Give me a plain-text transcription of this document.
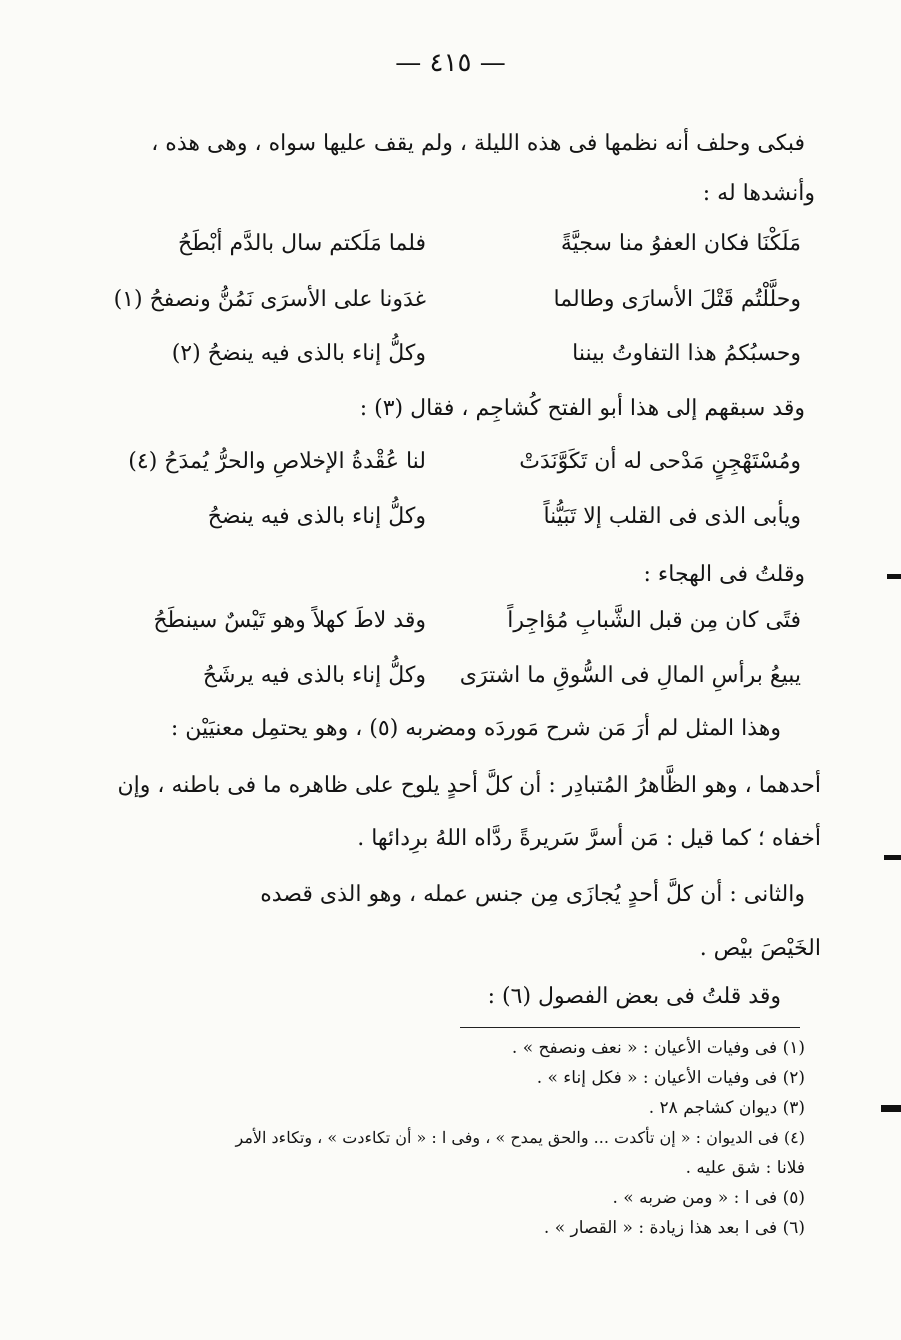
— ٤١٥ —
فبكى وحلف أنه نظمها فى هذه الليلة ، ولم يقف عليها سواه ، وهى هذه ،
وأنشدها له :
مَلَكْنَا فكان العفوُ منا سجيَّةً
فلما مَلَكتم سال بالدَّم أبْطَحُ
وحلَّلْتُم قَتْلَ الأسارَى وطالما
غدَونا على الأسرَى نَمُنُّ ونصفحُ (١)
وحسبُكمُ هذا التفاوتُ بيننا
وكلُّ إناء بالذى فيه ينضحُ (٢)
وقد سبقهم إلى هذا أبو الفتح كُشاجِم ، فقال (٣) :
ومُسْتَهْجِنٍ مَدْحى له أن تَكَوَّنَدَتْ
لنا عُقْدةُ الإخلاصِ والحرُّ يُمدَحُ (٤)
ويأبى الذى فى القلب إلا تَبَيُّناً
وكلُّ إناء بالذى فيه ينضحُ
وقلتُ فى الهجاء :
فتًى كان مِن قبل الشَّبابِ مُؤاجِراً
وقد لاطَ كهلاً وهو تَيْسٌ سينطَحُ
يبيعُ برأسِ المالِ فى السُّوقِ ما اشترَى
وكلُّ إناء بالذى فيه يرشَحُ
وهذا المثل لم أرَ مَن شرح مَوردَه ومضربه (٥) ، وهو يحتمِل معنيَيْن :
أحدهما ، وهو الظَّاهرُ المُتبادِر : أن كلَّ أحدٍ يلوح على ظاهره ما فى باطنه ، وإن
أخفاه ؛ كما قيل : مَن أسرَّ سَريرةً ردَّاه اللهُ برِدائها .
والثانى : أن كلَّ أحدٍ يُجازَى مِن جنس عمله ، وهو الذى قصده
الخَيْصَ بيْص .
وقد قلتُ فى بعض الفصول (٦) :
(١) فى وفيات الأعيان : « نعف ونصفح » .
(٢) فى وفيات الأعيان : « فكل إناء » .
(٣) ديوان كشاجم ٢٨ .
(٤) فى الديوان : « إن تأكدت ... والحق يمدح » ، وفى ا : « أن تكاءدت » ، وتكاءد الأمر
فلانا : شق عليه .
(٥) فى ا : « ومن ضربه » .
(٦) فى ا بعد هذا زيادة : « القصار » .
